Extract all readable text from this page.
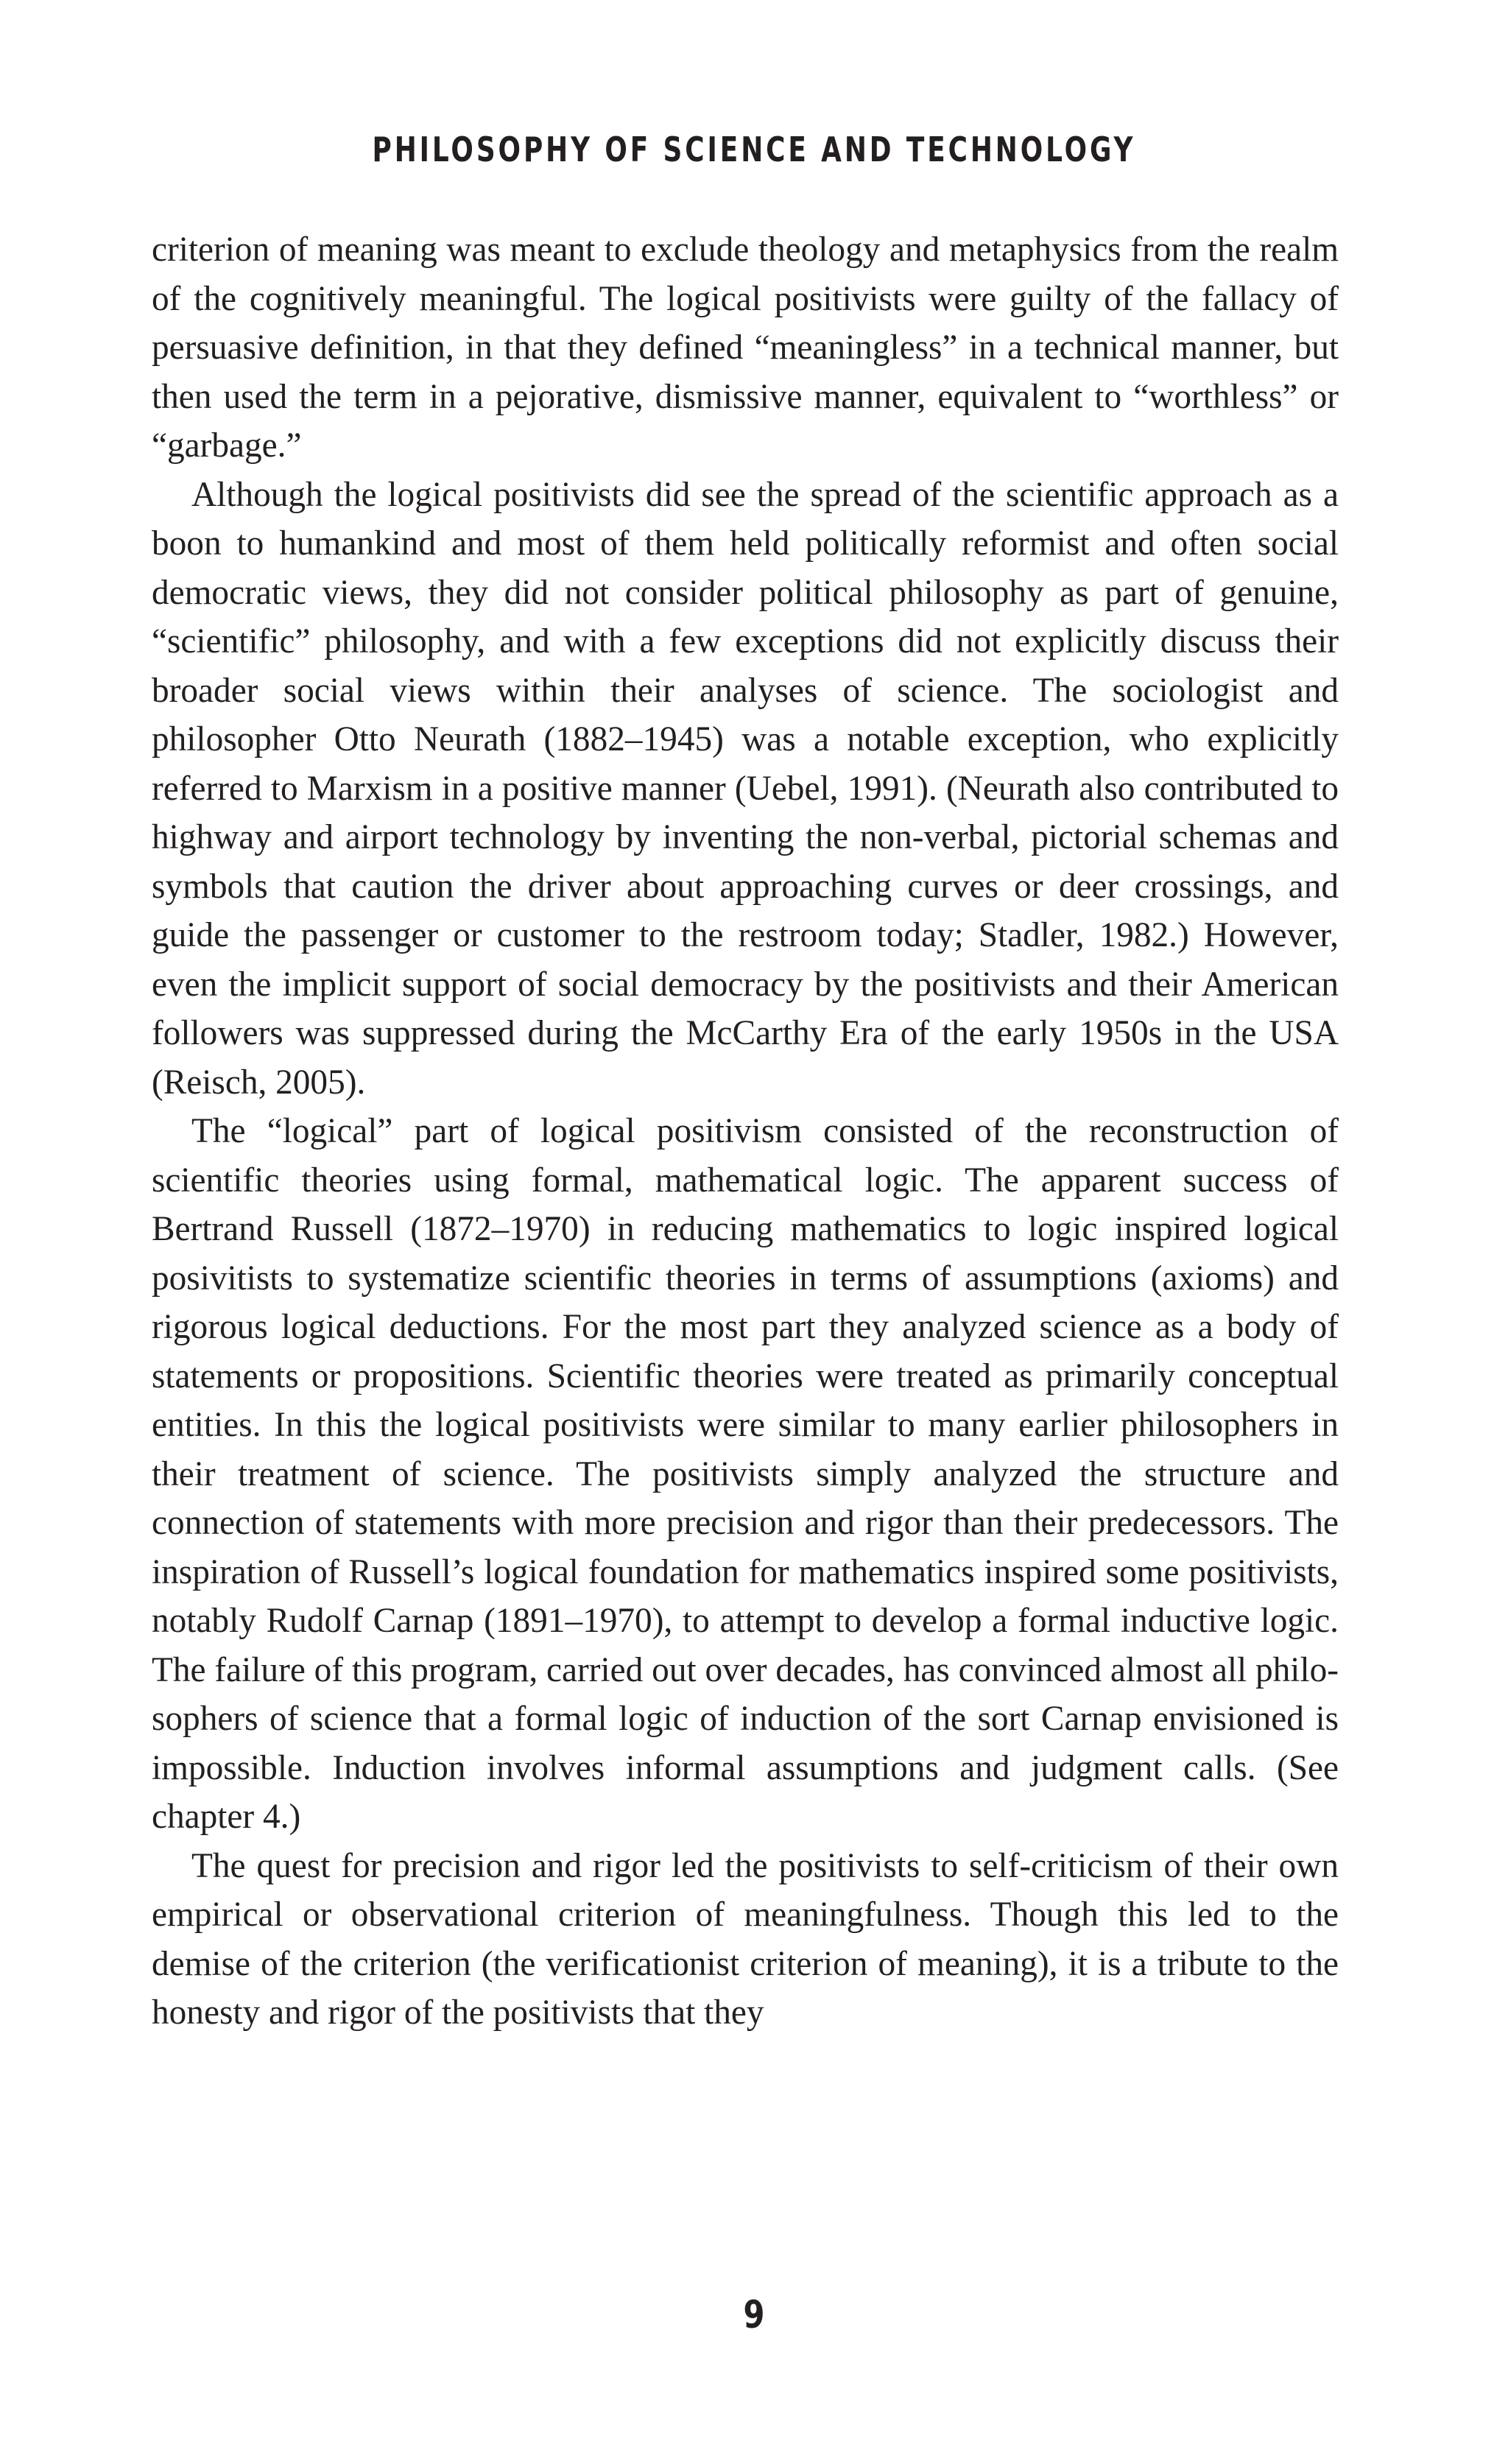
PHILOSOPHY OF SCIENCE AND TECHNOLOGY

criterion of meaning was meant to exclude theology and metaphysics from the realm of the cognitively meaningful. The logical positivists were guilty of the fallacy of persuasive definition, in that they defined “meaningless” in a technical manner, but then used the term in a pejorative, dismissive manner, equivalent to “worthless” or “garbage.”

Although the logical positivists did see the spread of the scientific approach as a boon to humankind and most of them held politically reformist and often social democratic views, they did not consider political philosophy as part of genuine, “scientific” philosophy, and with a few exceptions did not explicitly discuss their broader social views within their analyses of science. The sociologist and philosopher Otto Neurath (1882–1945) was a notable exception, who explicitly referred to Marxism in a positive manner (Uebel, 1991). (Neurath also contributed to highway and airport technology by inventing the non-verbal, pictorial schemas and symbols that caution the driver about approaching curves or deer crossings, and guide the passenger or customer to the restroom today; Stadler, 1982.) However, even the implicit support of social democracy by the positivists and their American followers was suppressed during the McCarthy Era of the early 1950s in the USA (Reisch, 2005).

The “logical” part of logical positivism consisted of the reconstruction of scientific theories using formal, mathematical logic. The apparent success of Bertrand Russell (1872–1970) in reducing mathematics to logic inspired logical posivitists to systematize scientific theories in terms of assumptions (axioms) and rigorous logical deductions. For the most part they analyzed science as a body of statements or propositions. Scientific theories were treated as primarily conceptual entities. In this the logical positivists were similar to many earlier philosophers in their treatment of science. The positivists simply analyzed the structure and connection of statements with more precision and rigor than their predecessors. The inspiration of Russell’s logical foundation for mathematics inspired some positivists, notably Rudolf Carnap (1891–1970), to attempt to develop a formal inductive logic. The failure of this program, carried out over decades, has convinced almost all philosophers of science that a formal logic of induction of the sort Carnap envisioned is impossible. Induction involves informal assumptions and judgment calls. (See chapter 4.)

The quest for precision and rigor led the positivists to self-criticism of their own empirical or observational criterion of meaningfulness. Though this led to the demise of the criterion (the verificationist criterion of meaning), it is a tribute to the honesty and rigor of the positivists that they

9
